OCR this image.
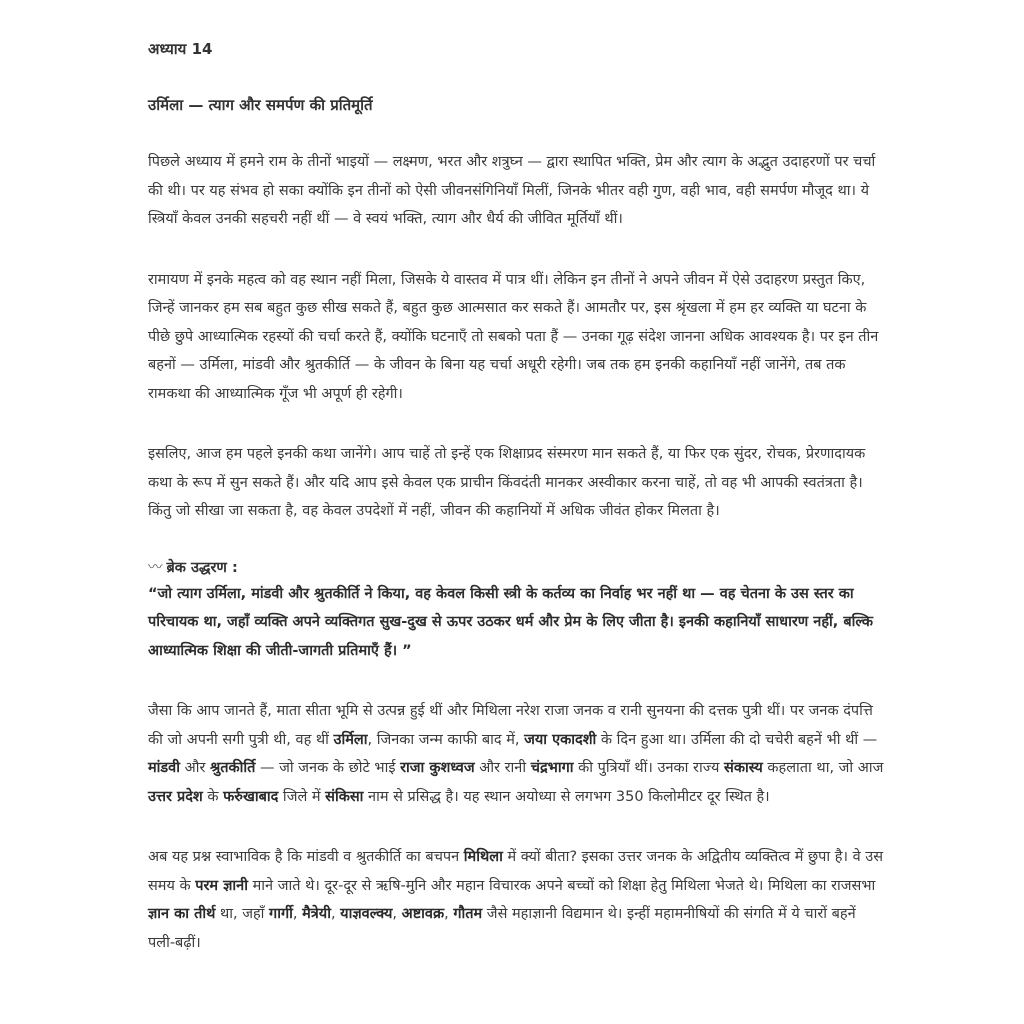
अध्याय 14

उर्मिला — त्याग और समर्पण की प्रतिमूर्ति

पिछले अध्याय में हमने राम के तीनों भाइयों — लक्ष्मण, भरत और शत्रुघ्न — द्वारा स्थापित भक्ति, प्रेम और त्याग के अद्भुत उदाहरणों पर चर्चा की थी। पर यह संभव हो सका क्योंकि इन तीनों को ऐसी जीवनसंगिनियाँ मिलीं, जिनके भीतर वही गुण, वही भाव, वही समर्पण मौजूद था। ये स्त्रियाँ केवल उनकी सहचरी नहीं थीं — वे स्वयं भक्ति, त्याग और धैर्य की जीवित मूर्तियाँ थीं।

रामायण में इनके महत्व को वह स्थान नहीं मिला, जिसके ये वास्तव में पात्र थीं। लेकिन इन तीनों ने अपने जीवन में ऐसे उदाहरण प्रस्तुत किए, जिन्हें जानकर हम सब बहुत कुछ सीख सकते हैं, बहुत कुछ आत्मसात कर सकते हैं। आमतौर पर, इस श्रृंखला में हम हर व्यक्ति या घटना के पीछे छुपे आध्यात्मिक रहस्यों की चर्चा करते हैं, क्योंकि घटनाएँ तो सबको पता हैं — उनका गूढ़ संदेश जानना अधिक आवश्यक है। पर इन तीन बहनों — उर्मिला, मांडवी और श्रुतकीर्ति — के जीवन के बिना यह चर्चा अधूरी रहेगी। जब तक हम इनकी कहानियाँ नहीं जानेंगे, तब तक रामकथा की आध्यात्मिक गूँज भी अपूर्ण ही रहेगी।

इसलिए, आज हम पहले इनकी कथा जानेंगे। आप चाहें तो इन्हें एक शिक्षाप्रद संस्मरण मान सकते हैं, या फिर एक सुंदर, रोचक, प्रेरणादायक कथा के रूप में सुन सकते हैं। और यदि आप इसे केवल एक प्राचीन किंवदंती मानकर अस्वीकार करना चाहें, तो वह भी आपकी स्वतंत्रता है। किंतु जो सीखा जा सकता है, वह केवल उपदेशों में नहीं, जीवन की कहानियों में अधिक जीवंत होकर मिलता है।

〰 ब्रेक उद्धरण :

“जो त्याग उर्मिला, मांडवी और श्रुतकीर्ति ने किया, वह केवल किसी स्त्री के कर्तव्य का निर्वाह भर नहीं था — वह चेतना के उस स्तर का परिचायक था, जहाँ व्यक्ति अपने व्यक्तिगत सुख-दुख से ऊपर उठकर धर्म और प्रेम के लिए जीता है। इनकी कहानियाँ साधारण नहीं, बल्कि आध्यात्मिक शिक्षा की जीती-जागती प्रतिमाएँ हैं। ”

जैसा कि आप जानते हैं, माता सीता भूमि से उत्पन्न हुई थीं और मिथिला नरेश राजा जनक व रानी सुनयना की दत्तक पुत्री थीं। पर जनक दंपत्ति की जो अपनी सगी पुत्री थी, वह थीं उर्मिला, जिनका जन्म काफी बाद में, जया एकादशी के दिन हुआ था। उर्मिला की दो चचेरी बहनें भी थीं — मांडवी और श्रुतकीर्ति — जो जनक के छोटे भाई राजा कुशध्वज और रानी चंद्रभागा की पुत्रियाँ थीं। उनका राज्य संकास्य कहलाता था, जो आज उत्तर प्रदेश के फर्रुखाबाद जिले में संकिसा नाम से प्रसिद्ध है। यह स्थान अयोध्या से लगभग 350 किलोमीटर दूर स्थित है।

अब यह प्रश्न स्वाभाविक है कि मांडवी व श्रुतकीर्ति का बचपन मिथिला में क्यों बीता? इसका उत्तर जनक के अद्वितीय व्यक्तित्व में छुपा है। वे उस समय के परम ज्ञानी माने जाते थे। दूर-दूर से ऋषि-मुनि और महान विचारक अपने बच्चों को शिक्षा हेतु मिथिला भेजते थे। मिथिला का राजसभा ज्ञान का तीर्थ था, जहाँ गार्गी, मैत्रेयी, याज्ञवल्क्य, अष्टावक्र, गौतम जैसे महाज्ञानी विद्यमान थे। इन्हीं महामनीषियों की संगति में ये चारों बहनें पली-बढ़ीं।
